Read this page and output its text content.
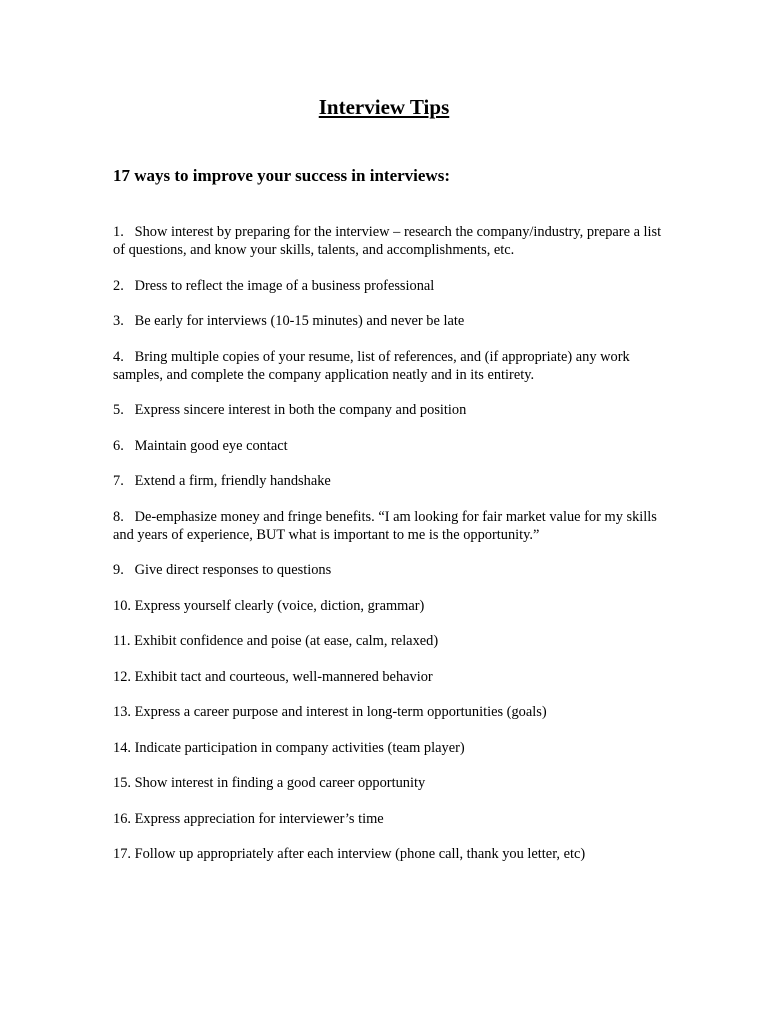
Interview Tips
17 ways to improve your success in interviews:
1. Show interest by preparing for the interview – research the company/industry, prepare a list of questions, and know your skills, talents, and accomplishments, etc.
2. Dress to reflect the image of a business professional
3. Be early for interviews (10-15 minutes) and never be late
4. Bring multiple copies of your resume, list of references, and (if appropriate) any work samples, and complete the company application neatly and in its entirety.
5. Express sincere interest in both the company and position
6. Maintain good eye contact
7. Extend a firm, friendly handshake
8. De-emphasize money and fringe benefits. “I am looking for fair market value for my skills and years of experience, BUT what is important to me is the opportunity.”
9. Give direct responses to questions
10. Express yourself clearly (voice, diction, grammar)
11. Exhibit confidence and poise (at ease, calm, relaxed)
12. Exhibit tact and courteous, well-mannered behavior
13. Express a career purpose and interest in long-term opportunities (goals)
14. Indicate participation in company activities (team player)
15. Show interest in finding a good career opportunity
16. Express appreciation for interviewer’s time
17. Follow up appropriately after each interview (phone call, thank you letter, etc)
